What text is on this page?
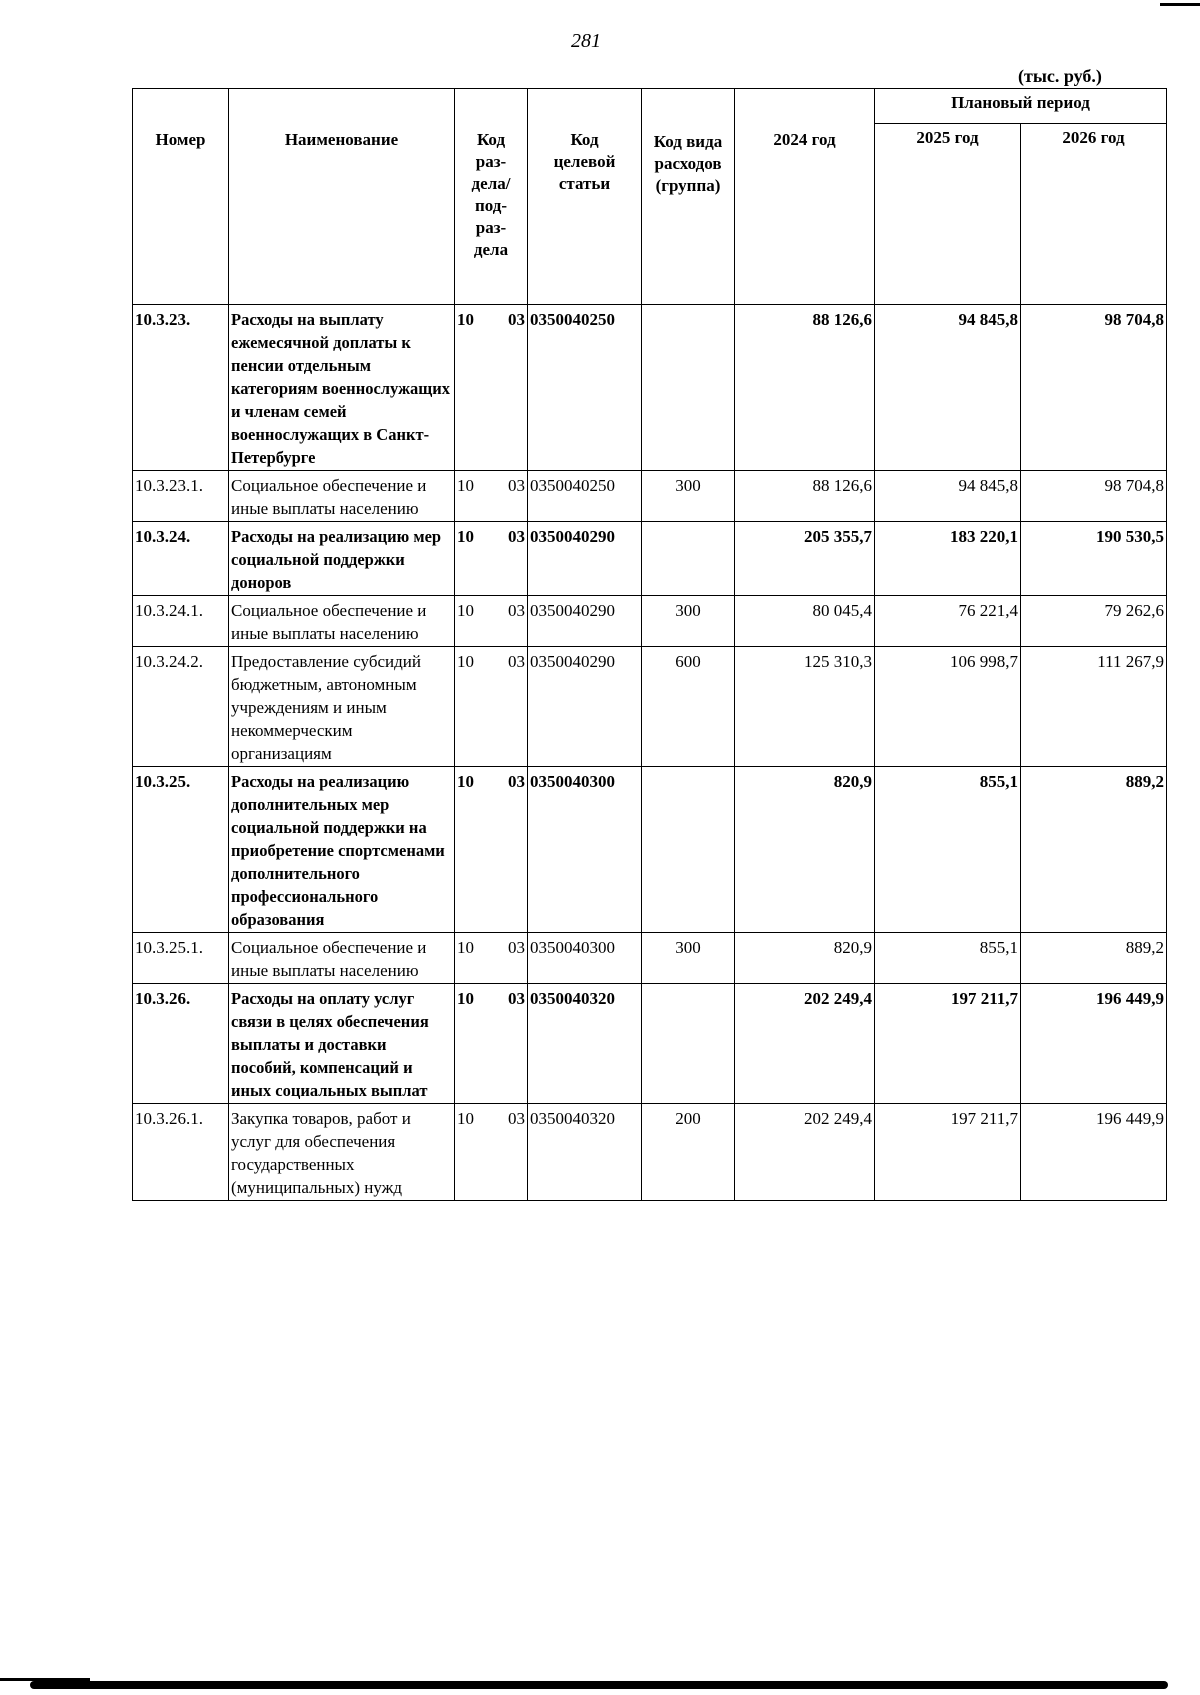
281
(тыс. руб.)
Номер	Наименование	Код раз- дела/ под- раз- дела	Код целевой статьи	Код вида расходов (группа)	2024 год	Плановый период	
						2025 год	2026 год
10.3.23.	Расходы на выплату ежемесячной доплаты к пенсии отдельным категориям военнослужащих и членам семей военнослужащих в Санкт-Петербурге	10 03	0350040250		88 126,6	94 845,8	98 704,8
10.3.23.1.	Социальное обеспечение и иные выплаты населению	10 03	0350040250	300	88 126,6	94 845,8	98 704,8
10.3.24.	Расходы на реализацию мер социальной поддержки доноров	10 03	0350040290		205 355,7	183 220,1	190 530,5
10.3.24.1.	Социальное обеспечение и иные выплаты населению	10 03	0350040290	300	80 045,4	76 221,4	79 262,6
10.3.24.2.	Предоставление субсидий бюджетным, автономным учреждениям и иным некоммерческим организациям	10 03	0350040290	600	125 310,3	106 998,7	111 267,9
10.3.25.	Расходы на реализацию дополнительных мер социальной поддержки на приобретение спортсменами дополнительного профессионального образования	10 03	0350040300		820,9	855,1	889,2
10.3.25.1.	Социальное обеспечение и иные выплаты населению	10 03	0350040300	300	820,9	855,1	889,2
10.3.26.	Расходы на оплату услуг связи в целях обеспечения выплаты и доставки пособий, компенсаций и иных социальных выплат	10 03	0350040320		202 249,4	197 211,7	196 449,9
10.3.26.1.	Закупка товаров, работ и услуг для обеспечения государственных (муниципальных) нужд	10 03	0350040320	200	202 249,4	197 211,7	196 449,9
